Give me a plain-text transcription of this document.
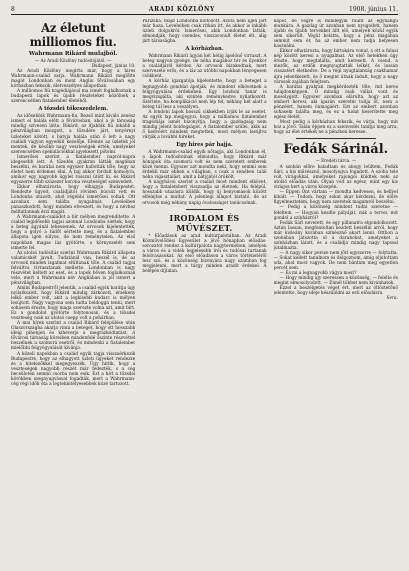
8	ARADI KÖZLÖNY	1908. június 11.
Az életunt milliomos fiu.
Wahrmann Rikárd mulajból.
— Az Aradi Közlöny tudósítójától. —
Budapest, június 10.

Az Aradi Közlöny megirta már, hogy a hires Wahrmann-család sarja, Wahrmann Rikárd meglőtte magát Londonban és mont Angliu fővárosában egy kórházban fekszik, életveszélyes állapotban.

A milliomos fiú tragédiájával ma ismét foglalkoznak a budapesti lapok és újabb részleteket közölnek a szerencsétlen fiatalember életéből.

A tőzsdei tőkeszedelem.

Az idősebbik Wahrmann-fiu, Rezső mint kiváló zenész ismert el halála előtt a fővárosban, ahol a jó társaság mindig szívesen látta. Rikárd, az ifjabbik fiú inkább a pénzvilágban mozgott, a tőzsdére járt, tenyérnyi üzleteket kötött, s bátyja halála után ő lett a nagy családi vagyon egyedüli kezelője. Eleinte az üzletek jól mentek, de később nagy veszteségek érték, amelyeket szerencsétlen spekulációkkal igyekezett pótolni.

Ismerősei szerint a fiatalember napról-napra idegesebb lett. A tőzsdén gyakran látták magában beszélni, és barátai nem egyszer hallották tőle, hogy az életet nem érdemes élni. A baj akkor fordult komolyra, amikor egy nagyobb ügylet rosszul ütött ki, és Rikárd egyszerre több százezer korona veszteséget szenvedett.

Ekkor elhatározta, hogy elhagyja Budapestet. Rendezte ügyeit, családjától röviden búcsút vett és Londonba utazott, ahol régebbi ismerősei voltak. Ott azonban sem találta nyugalmát. Leveleiben panaszkodott, hogy minden elveszett, és hogy a névhez méltatlannak érzi magát.

A Wahrmann-családot a hír mélyen megrendítette. A család legidősebb tagjai azonnal Londonba siettek, hogy a beteg ágyánál lehessenek. Az orvosok kijelentették, hogy a golyó a tüdőt sértette meg, és a fiatalember állapota igen súlyos, de nem reménytelen. Az első napokban magas láz gyötörte, s környezetét sem ismerte fel.

Az utolsó tudósítás szerint Wahrmann Rikárd állapota valamicskét javult. Tudatánál van, beszél is, de az orvosok minden izgalmat eltiltanak tőle. A család tagjai felváltva virrasztanak mellette. Londonban is nagy részvétet keltett az eset, és a lapok bőven foglalkoznak vele, mert a Wahrmann név Angliában is jól ismert a pénzvilágban.

Amint Budapestről jelentik, a család egyik barátja úgy nyilatkozott, hogy Rikárd mindig zárkózott, érzékeny lelkű ember volt, akit a legkisebb kudarc is mélyen lesújtott. Nagy vagyona sem tudta boldoggá tenni, mert sohasem érezte, hogy maga szerezte volna azt, amit bírt. Ez a gondolat gyötörte folytonosan, és a tőzsdei veszteség csak az utolsó csepp volt a pohárban.

A mai hírek szerint a család Rikárd felépülése után Olaszországba akarja vinni a beteget, hogy ott hosszabb ideig pihenjen és kiheverje a megrázkódtatást. A fővárosi társaság köreiben mindenfelé őszinte részvéttel beszélnek a szomorú esetről, és mindenki a fiatalember mielőbbi felgyógyulását kívánja.

A közeli napokban a család egyik tagja visszaérkezik Budapestre, hogy az elhagyott üzleti ügyeket rendezze és a hitelezőkkel megegyezzék. Úgy hírlik, hogy a veszteségek nagyobb részét már fedezték, s a cég becsületén semmi csorba nem esik. Ezt a hírt a tőzsdei körökben megnyugvással fogadták, mert a Wahrmann-cég régi idők óta a legtekintélyesebbek közé tartozott.

Párizsba, majd Londonba költözött. Azóta nem igen járt már haza. Leveleiben csak ritkán írt, és akkor is inkább üzleti dolgokról. Ismerősei, akik Londonban látták, elmondják, hogy csendes, visszavonult életet élt, alig járt társaságba.

A kórházban.

Wahrmann Rikárd ágyán két hétig ápolónő virraszt. A beteg nagyon gyenge, de néha magához tér és ilyenkor a családjáról kérdez. Az orvosok bizakodnak, mert szervezete erős, és a láz az utóbbi napokban lényegesen csökkent.

A kórház igazgatója kijelentette, hogy a beteget a legnagyobb gonddal ápolják, és mindent elkövetnek a felgyógyulása érdekében. Egy londoni tanár is megvizsgálta, aki szintén reménykedve nyilatkozott. Szerinte, ha komplikáció nem lép fel, néhány hét alatt a beteg túl lesz a veszélyen.

A londoni lapok hosszú cikkekben írják le az esetet. Az egyik lap megjegyzi, hogy a milliomos fiatalember tragédiája ismét bizonyítja, hogy a gazdagság nem mindig jelent boldogságot. A fiatalember szülei, akik az ő kedvéért mindent megtettek, most mélyen lesújtva várják a további híreket.

Egy hires pár hajja.

A Wahrmann-család egyik nőtagja, aki Londonban él, a lapok tudósítóinak elmondta, hogy Rikárd már hónapok óta szomorú volt és nem szeretett emberek közé menni. Egyszer azt mondta neki, hogy semmi sem érdekli már ebben a világban, s csak a zenében talál néha vigasztalást, amit a bátyjától örökölt.

A nagybácsi szerint a család most mindent elkövet, hogy a fiatalembert visszaadja az életnek. Ha felépül, hosszabb utazásra küldik, hogy új benyomások között elfelejtse a multat. A jelenlegi állapot biztató, de az orvosok még néhány napig óvatosságot tanácsolnak.

IRODALOM ÉS MŰVÉSZET.

* Előadások az arad kultúrpalotában. Az Aradi Közművelődési Egyesület a jövő hónapban előadás-sorozatot rendez a kultúrpalota nagytermében, amelyen a város és a vidék legjelesebb írói és tudósai tartanak felolvasásokat. Az első előadáson a város történetéről lesz szó, és a közönség bizonyára nagy számban fog megjelenni, mert a tárgy minden aradit érdekel. A belépés díjtalan.

napot, de végre is mindegyik ráunt az egyhangú munkára. A gazdag úr azonban nem nyugodott, hanem újabb és újabb tervekkel állt elő, amelyek közül egyik sem sikerült. Végül belátta, hogy a pénz magában semmit sem ér, ha az ember nem tudja helyesen használni.

Ekkor elhatározta, hogy birtokára vonul, s ott a falusi nép között keresi a nyugalmat. Az első hetekben úgy érezte, hogy megtalálta, amit keresett. A csend, a mezők, az erdők megnyugtatták lelkét, és lassan visszatért életkedve. De a régi nyugtalanság csakhamar újra jelentkezett, és ő megint útnak indult, hogy a nagy városok zajában felejtsen.

A barátai gyakran megkérdezték tőle, mit keres tulajdonképpen. Ő mindig csak vállat vont és mosolygott. Egyszer azonban elárulta, hogy azt az embert keresi, aki igazán szeretni tudja őt, nem a pénzéért, hanem önmagáért. Ezt az embert azonban sohasem találta meg, és ez a tudat keserítette meg egész életét.

Most pedig a kórházban fekszik, és várja, hogy mit hoz a jövő. Talán éppen ez a szenvedés tanítja meg arra, hogy az élet értékét ne a pénzben keresse.

Fedák Sárinál.
— Eredeti tárca. —

A szobán előre haladtam és ahogy leültem, Fedák Sári, a kis művésznő, mosolyogva fogadott. A szoba tele volt virágokkal, amelyeket rajongói küldtek neki az utolsó előadás után. Olyan volt az egész, mint egy kis virágos kert a város közepén.

— Éppen Önt vártam — mondta kedvesen, és hellyel kínált. — Tudom, hogy sokat akar kérdezni, de előre figyelmeztetem, hogy nem szeretek magamról beszélni.

— Pedig a közönség mindent tudni szeretne — feleltem. — Hogyan kezdte pályáját, mik a tervei, mit gondol a színházról?

Fedák Sári nevetett, és egy pillanatra elgondolkozott. Aztán lassan, megfontoltan kezdett beszélni arról, hogy már kisleány korában színésznő akart lenni. Otthon a szobában játszotta el a darabokat, amelyeket a színházban látott, és a családja mindig nagy tapssal jutalmazta.

— A nagy siker persze nem jött egyszerre — folytatta. — Sokat kellett tanulnom és dolgoznom, amíg eljutottam oda, ahol most vagyok. De nem bántam meg egyetlen percét sem.

— És mi a legnagyobb vágya most?

— Hogy mindig így szeressen a közönség, — felelte és megint elmosolyodott. — Ennél többet nem kívánhatok.

Ezzel a beszélgetés véget ért, mert az öltöztetőnő jelentette, hogy ideje készülődni az esti előadásra.

Sera.
